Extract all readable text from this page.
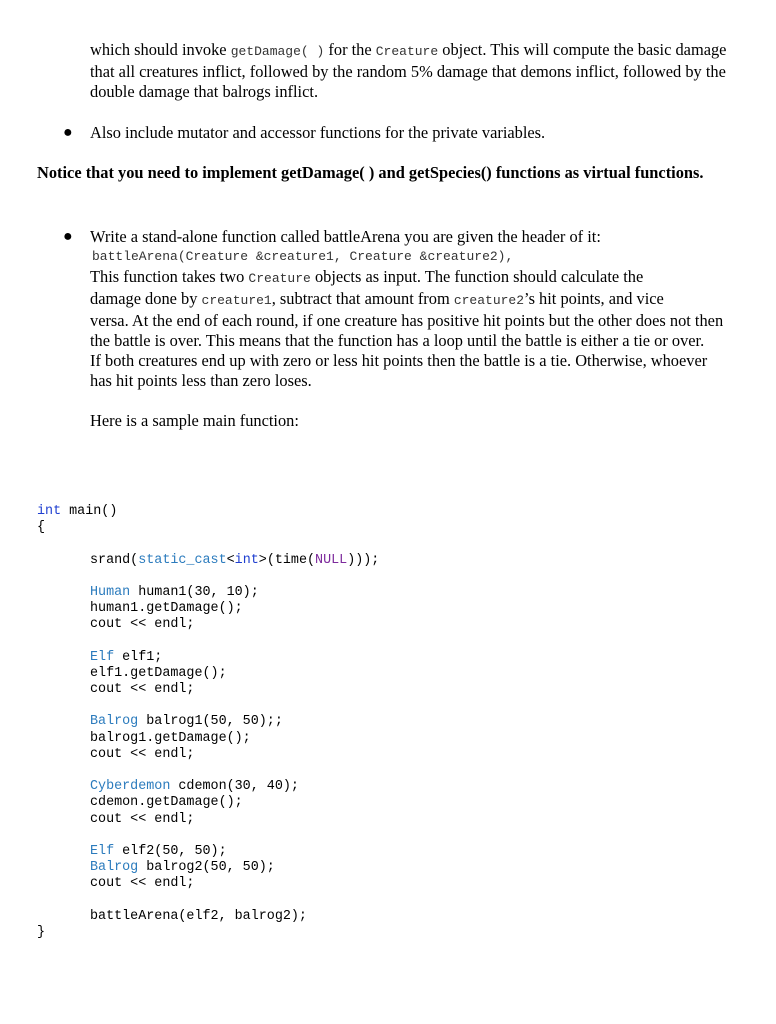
which should invoke getDamage( ) for the Creature object. This will compute the basic damage that all creatures inflict, followed by the random 5% damage that demons inflict, followed by the double damage that balrogs inflict.
● Also include mutator and accessor functions for the private variables.
Notice that you need to implement getDamage( ) and getSpecies() functions as virtual functions.
● Write a stand-alone function called battleArena you are given the header of it:
battleArena(Creature &creature1, Creature &creature2),
This function takes two Creature objects as input. The function should calculate the
damage done by creature1, subtract that amount from creature2’s hit points, and vice
versa. At the end of each round, if one creature has positive hit points but the other does not then the battle is over. This means that the function has a loop until the battle is either a tie or over.
If both creatures end up with zero or less hit points then the battle is a tie. Otherwise, whoever has hit points less than zero loses.
Here is a sample main function:
int main()
{
srand(static_cast<int>(time(NULL)));
Human human1(30, 10);
human1.getDamage();
cout << endl;
Elf elf1;
elf1.getDamage();
cout << endl;
Balrog balrog1(50, 50);;
balrog1.getDamage();
cout << endl;
Cyberdemon cdemon(30, 40);
cdemon.getDamage();
cout << endl;
Elf elf2(50, 50);
Balrog balrog2(50, 50);
cout << endl;
battleArena(elf2, balrog2);
}
